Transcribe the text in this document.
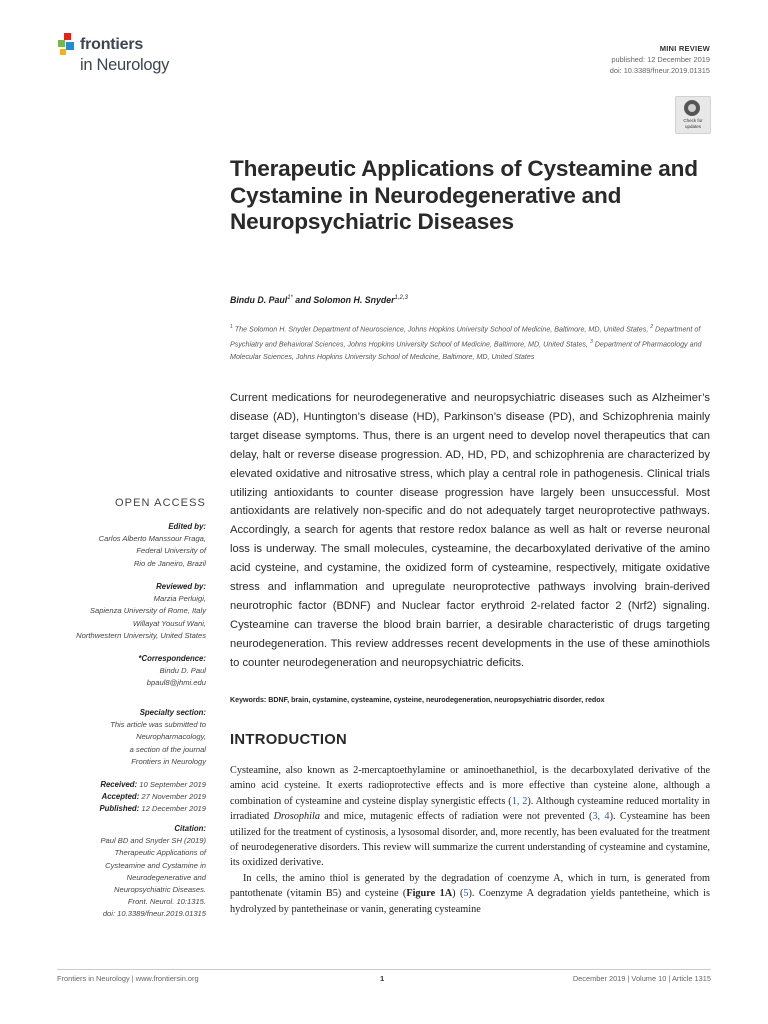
frontiers
in Neurology
MINI REVIEW
published: 12 December 2019
doi: 10.3389/fneur.2019.01315
Check for
updates
Therapeutic Applications of Cysteamine and Cystamine in Neurodegenerative and Neuropsychiatric Diseases
Bindu D. Paul$^{1*}$ and Solomon H. Snyder$^{1,2,3}$
$^1$ The Solomon H. Snyder Department of Neuroscience, Johns Hopkins University School of Medicine, Baltimore, MD, United States, $^2$ Department of Psychiatry and Behavioral Sciences, Johns Hopkins University School of Medicine, Baltimore, MD, United States, $^3$ Department of Pharmacology and Molecular Sciences, Johns Hopkins University School of Medicine, Baltimore, MD, United States
Current medications for neurodegenerative and neuropsychiatric diseases such as Alzheimer’s disease (AD), Huntington’s disease (HD), Parkinson’s disease (PD), and Schizophrenia mainly target disease symptoms. Thus, there is an urgent need to develop novel therapeutics that can delay, halt or reverse disease progression. AD, HD, PD, and schizophrenia are characterized by elevated oxidative and nitrosative stress, which play a central role in pathogenesis. Clinical trials utilizing antioxidants to counter disease progression have largely been unsuccessful. Most antioxidants are relatively non-specific and do not adequately target neuroprotective pathways. Accordingly, a search for agents that restore redox balance as well as halt or reverse neuronal loss is underway. The small molecules, cysteamine, the decarboxylated derivative of the amino acid cysteine, and cystamine, the oxidized form of cysteamine, respectively, mitigate oxidative stress and inflammation and upregulate neuroprotective pathways involving brain-derived neurotrophic factor (BDNF) and Nuclear factor erythroid 2-related factor 2 (Nrf2) signaling. Cysteamine can traverse the blood brain barrier, a desirable characteristic of drugs targeting neurodegeneration. This review addresses recent developments in the use of these aminothiols to counter neurodegeneration and neuropsychiatric deficits.
Keywords: BDNF, brain, cystamine, cysteamine, cysteine, neurodegeneration, neuropsychiatric disorder, redox
OPEN ACCESS
Edited by:
Carlos Alberto Manssour Fraga,
Federal University of
Rio de Janeiro, Brazil
Reviewed by:
Marzia Perluigi,
Sapienza University of Rome, Italy
Willayat Yousuf Wani,
Northwestern University, United States
*Correspondence:
Bindu D. Paul
bpaul8@jhmi.edu
Specialty section:
This article was submitted to
Neuropharmacology,
a section of the journal
Frontiers in Neurology
Received: 10 September 2019
Accepted: 27 November 2019
Published: 12 December 2019
Citation:
Paul BD and Snyder SH (2019)
Therapeutic Applications of
Cysteamine and Cystamine in
Neurodegenerative and
Neuropsychiatric Diseases.
Front. Neurol. 10:1315.
doi: 10.3389/fneur.2019.01315
INTRODUCTION

Cysteamine, also known as 2-mercaptoethylamine or aminoethanethiol, is the decarboxylated derivative of the amino acid cysteine. It exerts radioprotective effects and is more effective than cysteine alone, although a combination of cysteamine and cysteine display synergistic effects (1, 2). Although cysteamine reduced mortality in irradiated Drosophila and mice, mutagenic effects of radiation were not prevented (3, 4). Cysteamine has been utilized for the treatment of cystinosis, a lysosomal disorder, and, more recently, has been evaluated for the treatment of neurodegenerative disorders. This review will summarize the current understanding of cysteamine and cystamine, its oxidized derivative.

In cells, the amino thiol is generated by the degradation of coenzyme A, which in turn, is generated from pantothenate (vitamin B5) and cysteine (Figure 1A) (5). Coenzyme A degradation yields pantetheine, which is hydrolyzed by pantetheinase or vanin, generating cysteamine

Frontiers in Neurology | www.frontiersin.org	1	December 2019 | Volume 10 | Article 1315
